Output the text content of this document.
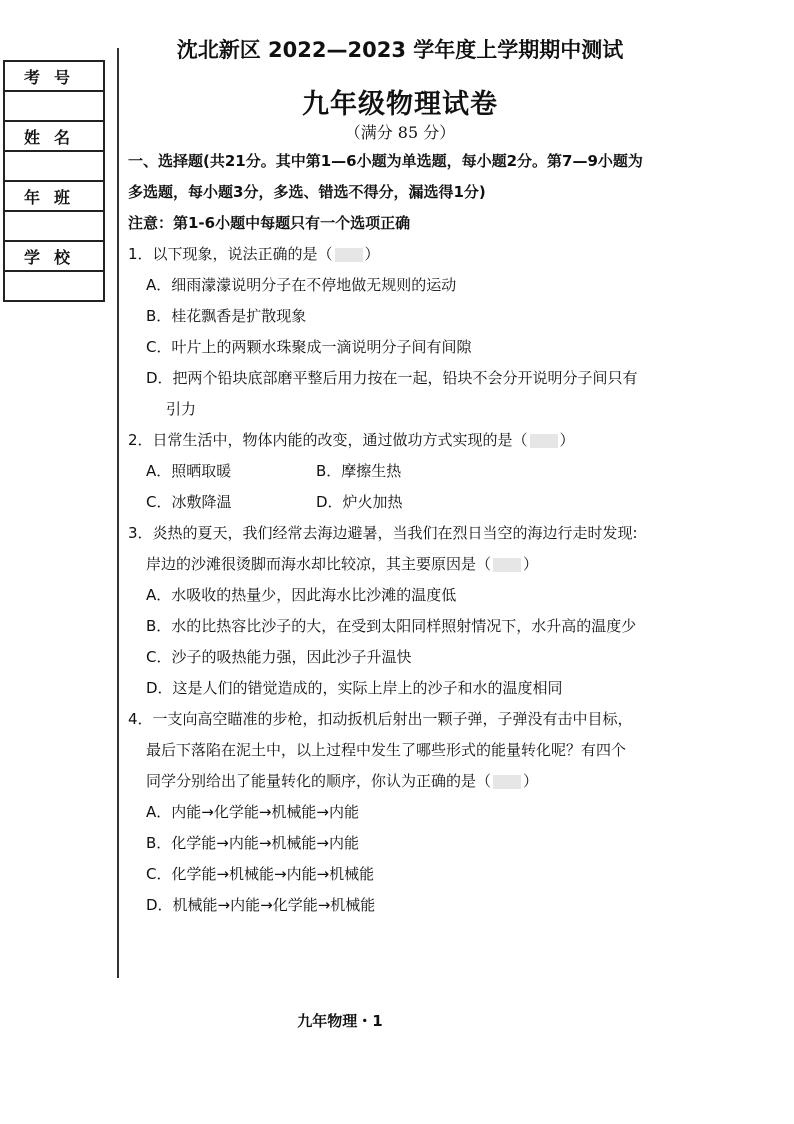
考号
姓名
年班
学校
沈北新区 2022—2023 学年度上学期期中测试
九年级物理试卷
（满分 85 分）
一、选择题(共21分。其中第1—6小题为单选题，每小题2分。第7—9小题为
多选题，每小题3分，多选、错选不得分，漏选得1分)
注意：第1-6小题中每题只有一个选项正确
1．以下现象，说法正确的是（ ）
A．细雨濛濛说明分子在不停地做无规则的运动
B．桂花飘香是扩散现象
C．叶片上的两颗水珠聚成一滴说明分子间有间隙
D．把两个铅块底部磨平整后用力按在一起，铅块不会分开说明分子间只有
引力
2．日常生活中，物体内能的改变，通过做功方式实现的是（ ）
A．照晒取暖	B．摩擦生热
C．冰敷降温	D．炉火加热
3．炎热的夏天，我们经常去海边避暑，当我们在烈日当空的海边行走时发现:
岸边的沙滩很烫脚而海水却比较凉，其主要原因是（ ）
A．水吸收的热量少，因此海水比沙滩的温度低
B．水的比热容比沙子的大，在受到太阳同样照射情况下，水升高的温度少
C．沙子的吸热能力强，因此沙子升温快
D．这是人们的错觉造成的，实际上岸上的沙子和水的温度相同
4．一支向高空瞄准的步枪，扣动扳机后射出一颗子弹，子弹没有击中目标，
最后下落陷在泥土中，以上过程中发生了哪些形式的能量转化呢？有四个
同学分别给出了能量转化的顺序，你认为正确的是（ ）
A．内能→化学能→机械能→内能
B．化学能→内能→机械能→内能
C．化学能→机械能→内能→机械能
D．机械能→内能→化学能→机械能
九年物理・1
